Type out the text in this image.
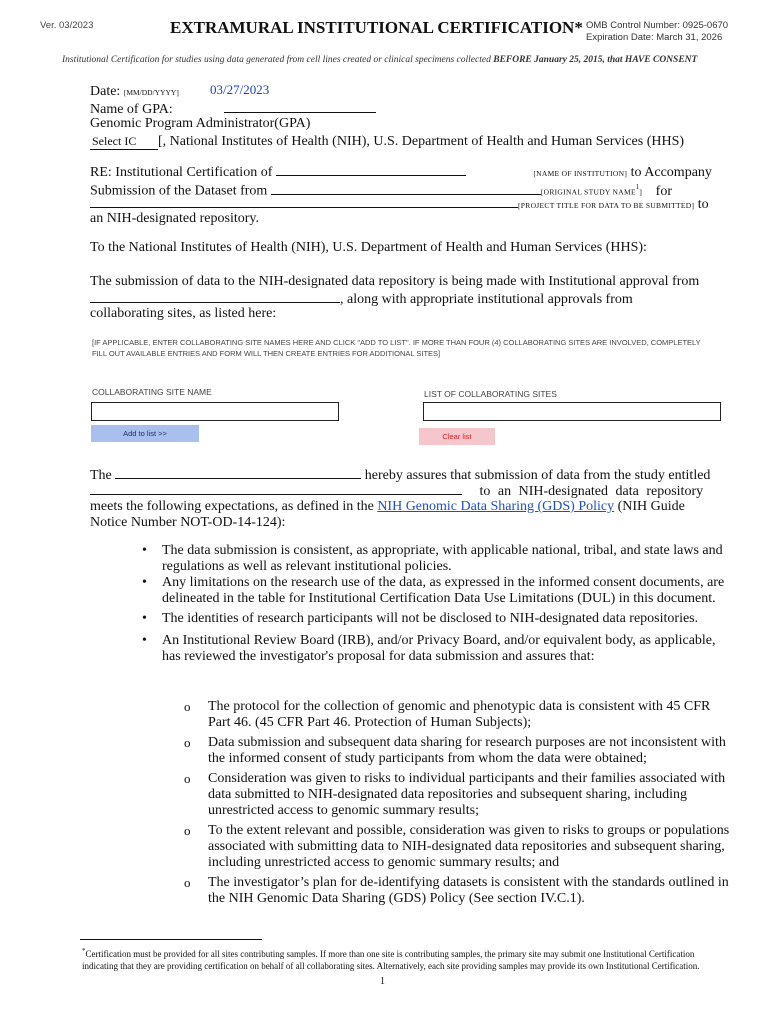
Ver. 03/2023	EXTRAMURAL INSTITUTIONAL CERTIFICATION* OMB Control Number: 0925-0670
Expiration Date: March 31, 2026
Institutional Certification for studies using data generated from cell lines created or clinical specimens collected BEFORE January 25, 2015, that HAVE CONSENT
03/27/2023
Date: [MM/DD/YYYY]
Name of GPA:
Genomic Program Administrator(GPA)
Select IC [, National Institutes of Health (NIH), U.S. Department of Health and Human Services (HHS)
RE: Institutional Certification of	[NAME OF INSTITUTION] to Accompany
Submission of the Dataset from	[ORIGINAL STUDY NAME$^1$] for
[PROJECT TITLE FOR DATA TO BE SUBMITTED] to
an NIH-designated repository.
To the National Institutes of Health (NIH), U.S. Department of Health and Human Services (HHS):
The submission of data to the NIH-designated data repository is being made with Institutional approval from
, along with appropriate institutional approvals from
collaborating sites, as listed here:
[IF APPLICABLE, ENTER COLLABORATING SITE NAMES HERE AND CLICK "ADD TO LIST". IF MORE THAN FOUR (4) COLLABORATING SITES ARE INVOLVED, COMPLETELY FILL OUT AVAILABLE ENTRIES AND FORM WILL THEN CREATE ENTRIES FOR ADDITIONAL SITES]
COLLABORATING SITE NAME	LIST OF COLLABORATING SITES
Add to list >>	Clear list
The	hereby assures that submission of data from the study entitled
to an NIH-designated data repository
meets the following expectations, as defined in the NIH Genomic Data Sharing (GDS) Policy (NIH Guide
Notice Number NOT-OD-14-124):
• The data submission is consistent, as appropriate, with applicable national, tribal, and state laws and regulations as well as relevant institutional policies.
• Any limitations on the research use of the data, as expressed in the informed consent documents, are delineated in the table for Institutional Certification Data Use Limitations (DUL) in this document.
• The identities of research participants will not be disclosed to NIH-designated data repositories.
• An Institutional Review Board (IRB), and/or Privacy Board, and/or equivalent body, as applicable, has reviewed the investigator's proposal for data submission and assures that:
o The protocol for the collection of genomic and phenotypic data is consistent with 45 CFR Part 46. (45 CFR Part 46. Protection of Human Subjects);
o Data submission and subsequent data sharing for research purposes are not inconsistent with the informed consent of study participants from whom the data were obtained;
o Consideration was given to risks to individual participants and their families associated with data submitted to NIH-designated data repositories and subsequent sharing, including unrestricted access to genomic summary results;
o To the extent relevant and possible, consideration was given to risks to groups or populations associated with submitting data to NIH-designated data repositories and subsequent sharing, including unrestricted access to genomic summary results; and
o The investigator’s plan for de-identifying datasets is consistent with the standards outlined in the NIH Genomic Data Sharing (GDS) Policy (See section IV.C.1).
*Certification must be provided for all sites contributing samples. If more than one site is contributing samples, the primary site may submit one Institutional Certification indicating that they are providing certification on behalf of all collaborating sites. Alternatively, each site providing samples may provide its own Institutional Certification.
1
